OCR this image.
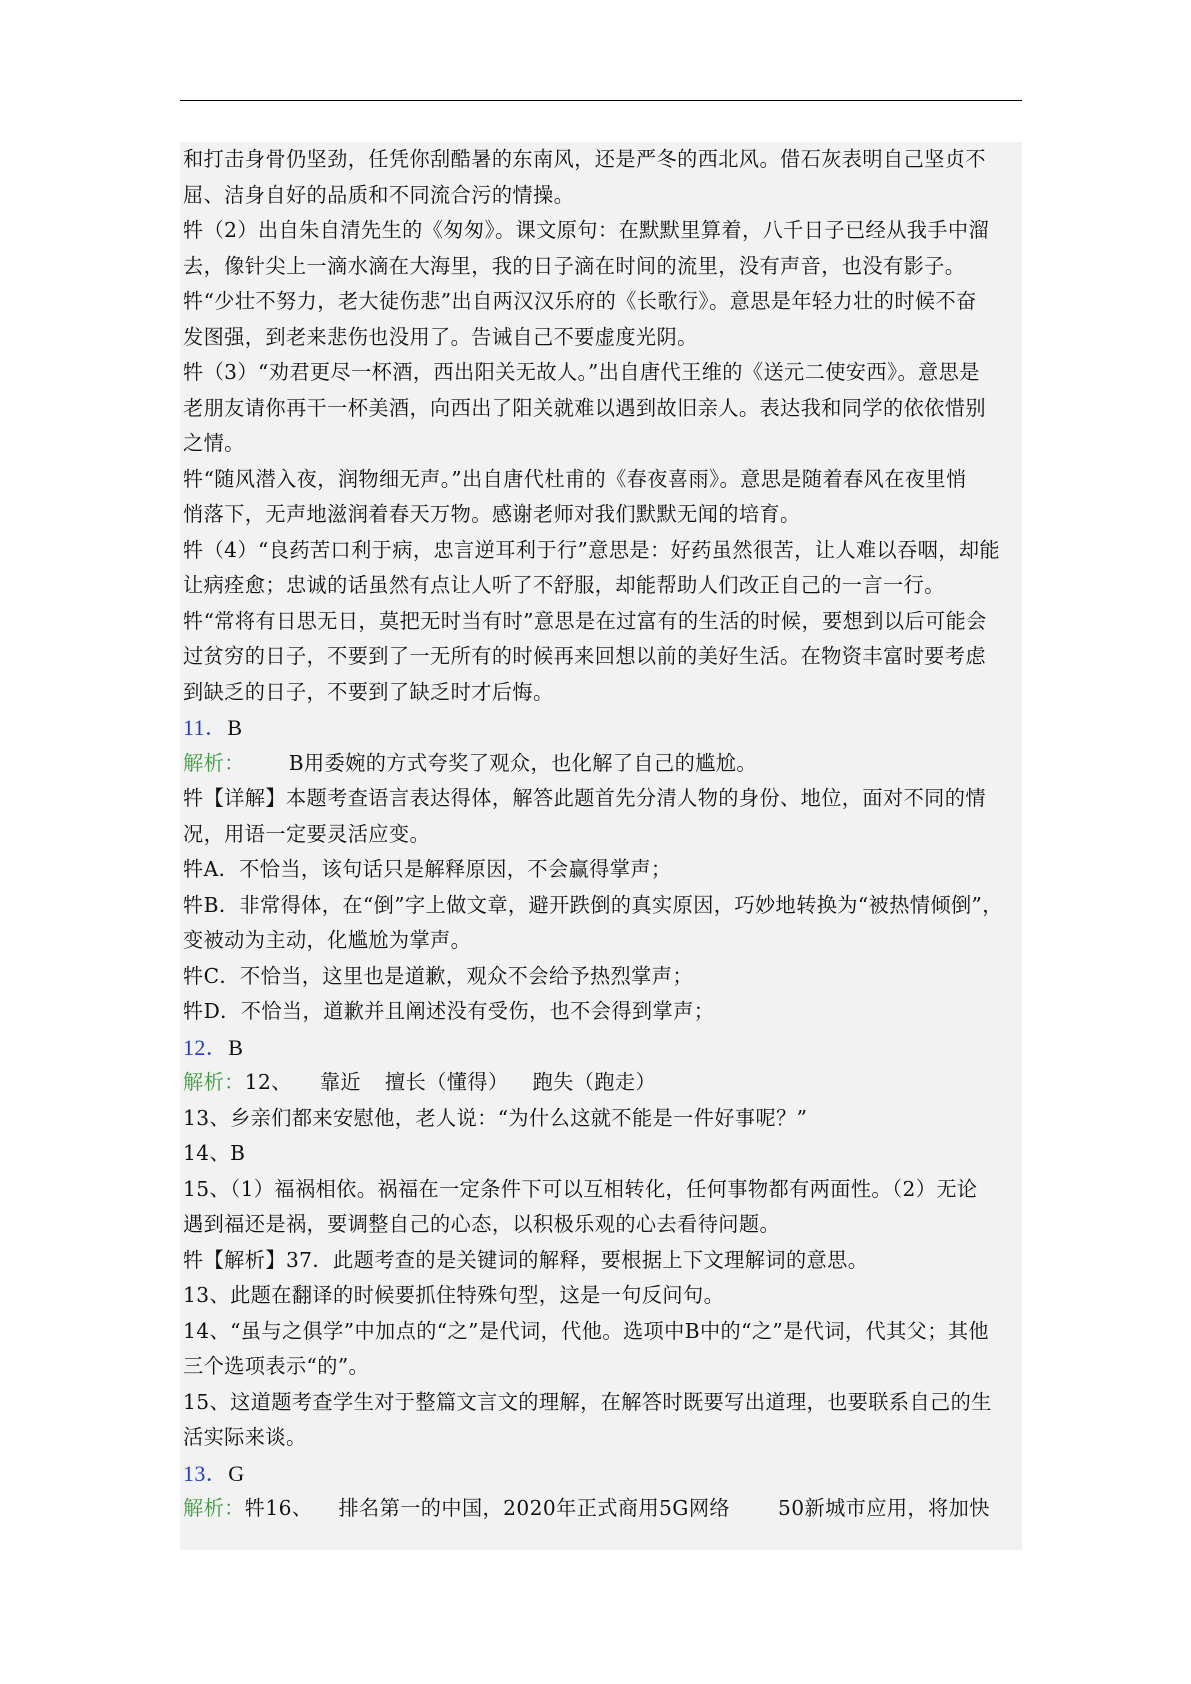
和打击身骨仍坚劲，任凭你刮酷暑的东南风，还是严冬的西北风。借石灰表明自己坚贞不
屈、洁身自好的品质和不同流合污的情操。
牪（2）出自朱自清先生的《匆匆》。课文原句：在默默里算着，八千日子已经从我手中溜
去，像针尖上一滴水滴在大海里，我的日子滴在时间的流里，没有声音，也没有影子。
牪“少壮不努力，老大徒伤悲”出自两汉汉乐府的《长歌行》。意思是年轻力壮的时候不奋
发图强，到老来悲伤也没用了。告诫自己不要虚度光阴。
牪（3）“劝君更尽一杯酒，西出阳关无故人。”出自唐代王维的《送元二使安西》。意思是
老朋友请你再干一杯美酒，向西出了阳关就难以遇到故旧亲人。表达我和同学的依依惜别
之情。
牪“随风潜入夜，润物细无声。”出自唐代杜甫的《春夜喜雨》。意思是随着春风在夜里悄
悄落下，无声地滋润着春天万物。感谢老师对我们默默无闻的培育。
牪（4）“良药苦口利于病，忠言逆耳利于行”意思是：好药虽然很苦，让人难以吞咽，却能
让病痊愈；忠诚的话虽然有点让人听了不舒服，却能帮助人们改正自己的一言一行。
牪“常将有日思无日，莫把无时当有时”意思是在过富有的生活的时候，要想到以后可能会
过贫穷的日子，不要到了一无所有的时候再来回想以前的美好生活。在物资丰富时要考虑
到缺乏的日子，不要到了缺乏时才后悔。
11．B
解析： B用委婉的方式夸奖了观众，也化解了自己的尴尬。
牪【详解】本题考查语言表达得体，解答此题首先分清人物的身份、地位，面对不同的情
况，用语一定要灵活应变。
牪A．不恰当，该句话只是解释原因，不会赢得掌声；
牪B．非常得体，在“倒”字上做文章，避开跌倒的真实原因，巧妙地转换为“被热情倾倒”，
变被动为主动，化尴尬为掌声。
牪C．不恰当，这里也是道歉，观众不会给予热烈掌声；
牪D．不恰当，道歉并且阐述没有受伤，也不会得到掌声；
12．B
解析：12、 靠近 擅长（懂得） 跑失（跑走）
13、乡亲们都来安慰他，老人说：“为什么这就不能是一件好事呢？”
14、B
15、（1）福祸相依。祸福在一定条件下可以互相转化，任何事物都有两面性。（2）无论
遇到福还是祸，要调整自己的心态，以积极乐观的心去看待问题。
牪【解析】37．此题考查的是关键词的解释，要根据上下文理解词的意思。
13、此题在翻译的时候要抓住特殊句型，这是一句反问句。
14、“虽与之俱学”中加点的“之”是代词，代他。选项中B中的“之”是代词，代其父；其他
三个选项表示“的”。
15、这道题考查学生对于整篇文言文的理解，在解答时既要写出道理，也要联系自己的生
活实际来谈。
13．G
解析：牪16、 排名第一的中国，2020年正式商用5G网络 50新城市应用，将加快
